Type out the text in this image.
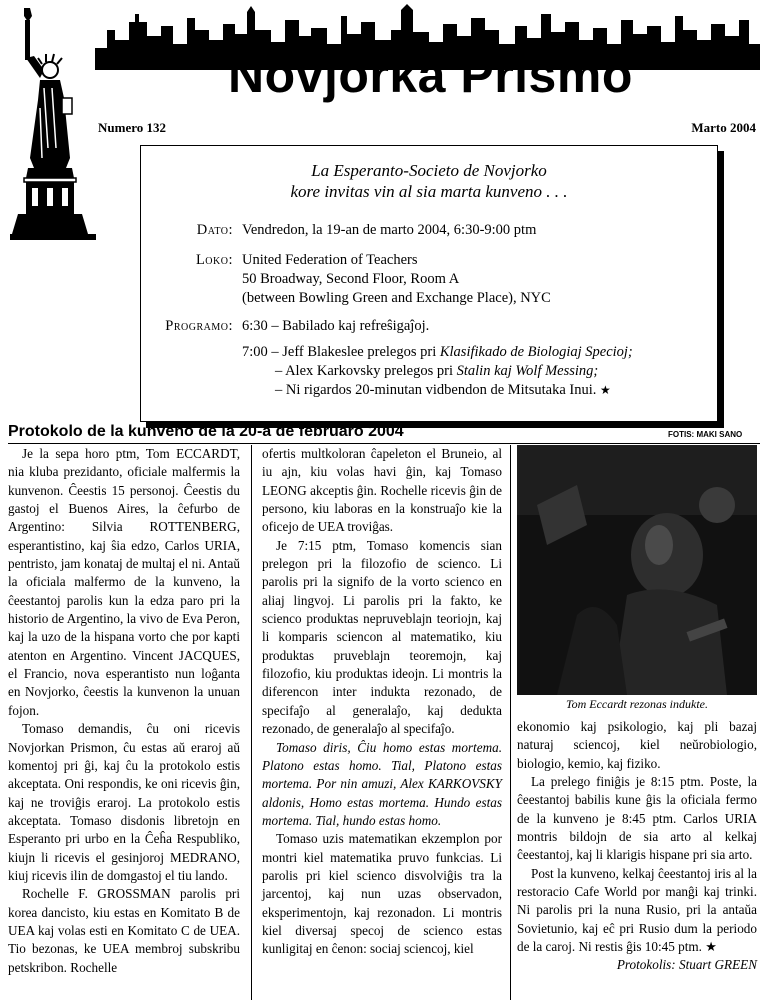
Novjorka Prismo
Numero 132	Marto 2004
La Esperanto-Societo de Novjorko
kore invitas vin al sia marta kunveno . . .
Dato: Vendredon, la 19-an de marto 2004, 6:30-9:00 ptm
Loko: United Federation of Teachers
50 Broadway, Second Floor, Room A
(between Bowling Green and Exchange Place), NYC
Programo: 6:30 – Babilado kaj refreŝigaĵoj.
7:00 – Jeff Blakeslee prelegos pri Klasifikado de Biologiaj Specioj;
– Alex Karkovsky prelegos pri Stalin kaj Wolf Messing;
– Ni rigardos 20-minutan vidbendon de Mitsutaka Inui. ★
Protokolo de la kunveno de la 20-a de februaro 2004	FOTIS: MAKI SANO

Je la sepa horo ptm, Tom ECCARDT, nia kluba prezidanto, oficiale malfermis la kunvenon. Ĉeestis 15 personoj. Ĉeestis du gastoj el Buenos Aires, la ĉefurbo de Argentino: Silvia ROTTENBERG, esperantistino, kaj ŝia edzo, Carlos URIA, pentristo, jam konataj de multaj el ni. Antaŭ la oficiala malfermo de la kunveno, la ĉeestantoj parolis kun la edza paro pri la historio de Argentino, la vivo de Eva Peron, kaj la uzo de la hispana vorto che por kapti atenton en Argentino. Vincent JACQUES, el Francio, nova esperantisto nun loĝanta en Novjorko, ĉeestis la kunvenon la unuan fojon.

Tomaso demandis, ĉu oni ricevis Novjorkan Prismon, ĉu estas aŭ eraroj aŭ komentoj pri ĝi, kaj ĉu la protokolo estis akceptata. Oni respondis, ke oni ricevis ĝin, kaj ne troviĝis eraroj. La protokolo estis akceptata. Tomaso disdonis libretojn en Esperanto pri urbo en la Ĉeĥa Respubliko, kiujn li ricevis el gesinjoroj MEDRANO, kiuj ricevis ilin de domgastoj el tiu lando.

Rochelle F. GROSSMAN parolis pri korea dancisto, kiu estas en Komitato B de UEA kaj volas esti en Komitato C de UEA. Tio bezonas, ke UEA membroj subskribu petskribon. Rochelle

ofertis multkoloran ĉapeleton el Bruneio, al iu ajn, kiu volas havi ĝin, kaj Tomaso LEONG akceptis ĝin. Rochelle ricevis ĝin de persono, kiu laboras en la konstruaĵo kie la oficejo de UEA troviĝas.

Je 7:15 ptm, Tomaso komencis sian prelegon pri la filozofio de scienco. Li parolis pri la signifo de la vorto scienco en aliaj lingvoj. Li parolis pri la fakto, ke scienco produktas nepruveblajn teoriojn, kaj li komparis sciencon al matematiko, kiu produktas pruveblajn teoremojn, kaj filozofio, kiu produktas ideojn. Li montris la diferencon inter indukta rezonado, de specifaĵo al generalaĵo, kaj dedukta rezonado, de generalaĵo al specifaĵo.

Tomaso diris, Ĉiu homo estas mortema. Platono estas homo. Tial, Platono estas mortema. Por nin amuzi, Alex KARKOVSKY aldonis, Homo estas mortema. Hundo estas mortema. Tial, hundo estas homo.

Tomaso uzis matematikan ekzemplon por montri kiel matematika pruvo funkcias. Li parolis pri kiel scienco disvolviĝis tra la jarcentoj, kaj nun uzas observadon, eksperimentojn, kaj rezonadon. Li montris kiel diversaj specoj de scienco estas kunligitaj en ĉenon: sociaj sciencoj, kiel

Tom Eccardt rezonas indukte.

ekonomio kaj psikologio, kaj pli bazaj naturaj sciencoj, kiel neŭrobiologio, biologio, kemio, kaj fiziko.

La prelego finiĝis je 8:15 ptm. Poste, la ĉeestantoj babilis kune ĝis la oficiala fermo de la kunveno je 8:45 ptm. Carlos URIA montris bildojn de sia arto al kelkaj ĉeestantoj, kaj li klarigis hispane pri sia arto.

Post la kunveno, kelkaj ĉeestantoj iris al la restoracio Cafe World por manĝi kaj trinki. Ni parolis pri la nuna Rusio, pri la antaŭa Sovietunio, kaj eĉ pri Rusio dum la periodo de la caroj. Ni restis ĝis 10:45 ptm. ★

Protokolis: Stuart GREEN
